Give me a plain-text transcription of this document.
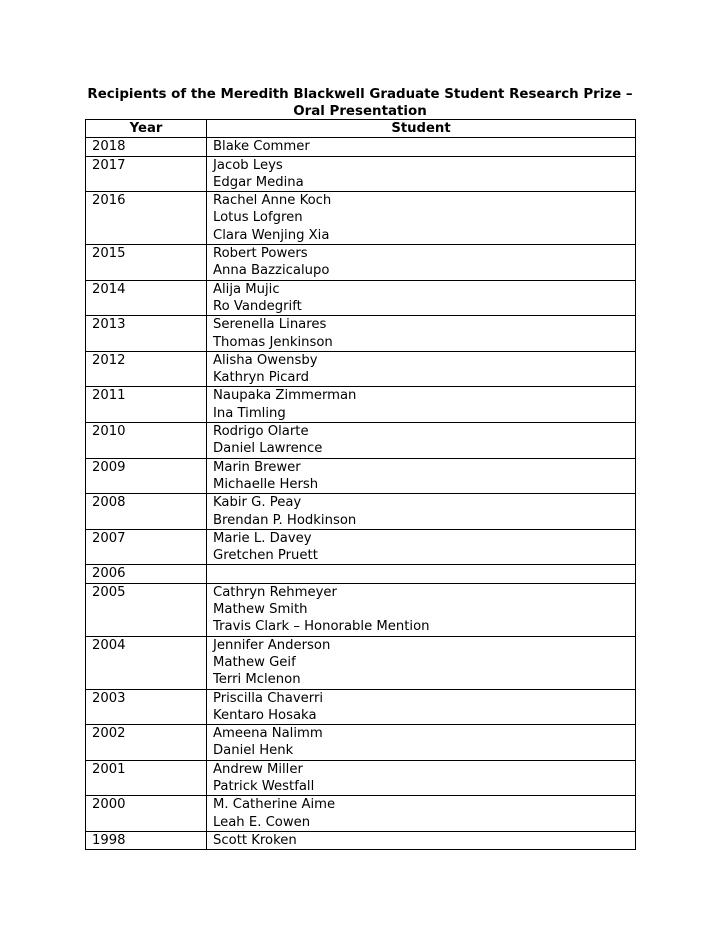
Recipients of the Meredith Blackwell Graduate Student Research Prize – Oral Presentation
Year	Student
2018	Blake Commer

2017	Jacob Leys
Edgar Medina

2016	Rachel Anne Koch
Lotus Lofgren
Clara Wenjing Xia

2015	Robert Powers
Anna Bazzicalupo

2014	Alija Mujic
Ro Vandegrift

2013	Serenella Linares
Thomas Jenkinson

2012	Alisha Owensby
Kathryn Picard

2011	Naupaka Zimmerman
Ina Timling

2010	Rodrigo Olarte
Daniel Lawrence

2009	Marin Brewer
Michaelle Hersh

2008	Kabir G. Peay
Brendan P. Hodkinson

2007	Marie L. Davey
Gretchen Pruett

2006	
2005	Cathryn Rehmeyer
Mathew Smith
Travis Clark – Honorable Mention

2004	Jennifer Anderson
Mathew Geif
Terri Mclenon

2003	Priscilla Chaverri
Kentaro Hosaka

2002	Ameena Nalimm
Daniel Henk

2001	Andrew Miller
Patrick Westfall

2000	M. Catherine Aime
Leah E. Cowen

1998	Scott Kroken
